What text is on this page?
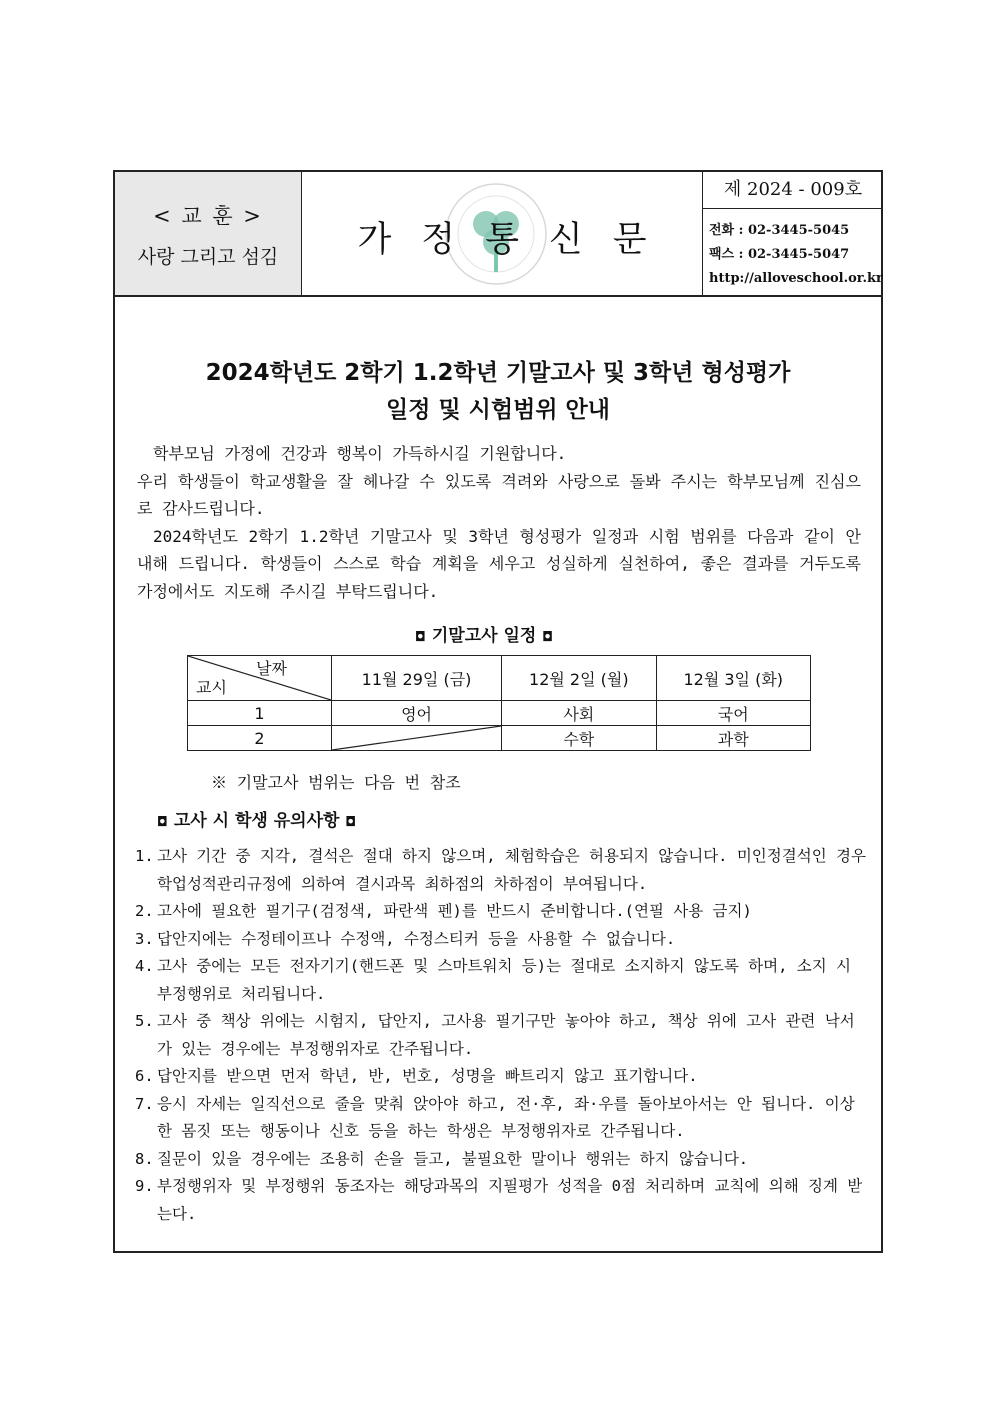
< 교 훈 >
사랑 그리고 섬김	가정통신문
제 2024 - 009호
전화 : 02-3445-5045
팩스 : 02-3445-5047
http://alloveschool.or.kr
2024학년도 2학기 1.2학년 기말고사 및 3학년 형성평가
일정 및 시험범위 안내

학부모님 가정에 건강과 행복이 가득하시길 기원합니다.

우리 학생들이 학교생활을 잘 헤나갈 수 있도록 격려와 사랑으로 돌봐 주시는 학부모님께 진심으로 감사드립니다.

2024학년도 2학기 1.2학년 기말고사 및 3학년 형성평가 일정과 시험 범위를 다음과 같이 안내해 드립니다. 학생들이 스스로 학습 계획을 세우고 성실하게 실천하여, 좋은 결과를 거두도록 가정에서도 지도해 주시길 부탁드립니다.

◘ 기말고사 일정 ◘
날짜
교시	11월 29일 (금)	12월 2일 (월)	12월 3일 (화)
1	영어	사회	국어
2		수학	과학
※ 기말고사 범위는 다음 번 참조
◘ 고사 시 학생 유의사항 ◘
1. 고사 기간 중 지각, 결석은 절대 하지 않으며, 체험학습은 허용되지 않습니다. 미인정결석인 경우 학업성적관리규정에 의하여 결시과목 최하점의 차하점이 부여됩니다.
2. 고사에 필요한 필기구(검정색, 파란색 펜)를 반드시 준비합니다.(연필 사용 금지)
3. 답안지에는 수정테이프나 수정액, 수정스티커 등을 사용할 수 없습니다.
4. 고사 중에는 모든 전자기기(핸드폰 및 스마트워치 등)는 절대로 소지하지 않도록 하며, 소지 시 부정행위로 처리됩니다.
5. 고사 중 책상 위에는 시험지, 답안지, 고사용 필기구만 놓아야 하고, 책상 위에 고사 관련 낙서가 있는 경우에는 부정행위자로 간주됩니다.
6. 답안지를 받으면 먼저 학년, 반, 번호, 성명을 빠트리지 않고 표기합니다.
7. 응시 자세는 일직선으로 줄을 맞춰 앉아야 하고, 전·후, 좌·우를 돌아보아서는 안 됩니다. 이상한 몸짓 또는 행동이나 신호 등을 하는 학생은 부정행위자로 간주됩니다.
8. 질문이 있을 경우에는 조용히 손을 들고, 불필요한 말이나 행위는 하지 않습니다.
9. 부정행위자 및 부정행위 동조자는 해당과목의 지필평가 성적을 0점 처리하며 교칙에 의해 징계 받는다.
